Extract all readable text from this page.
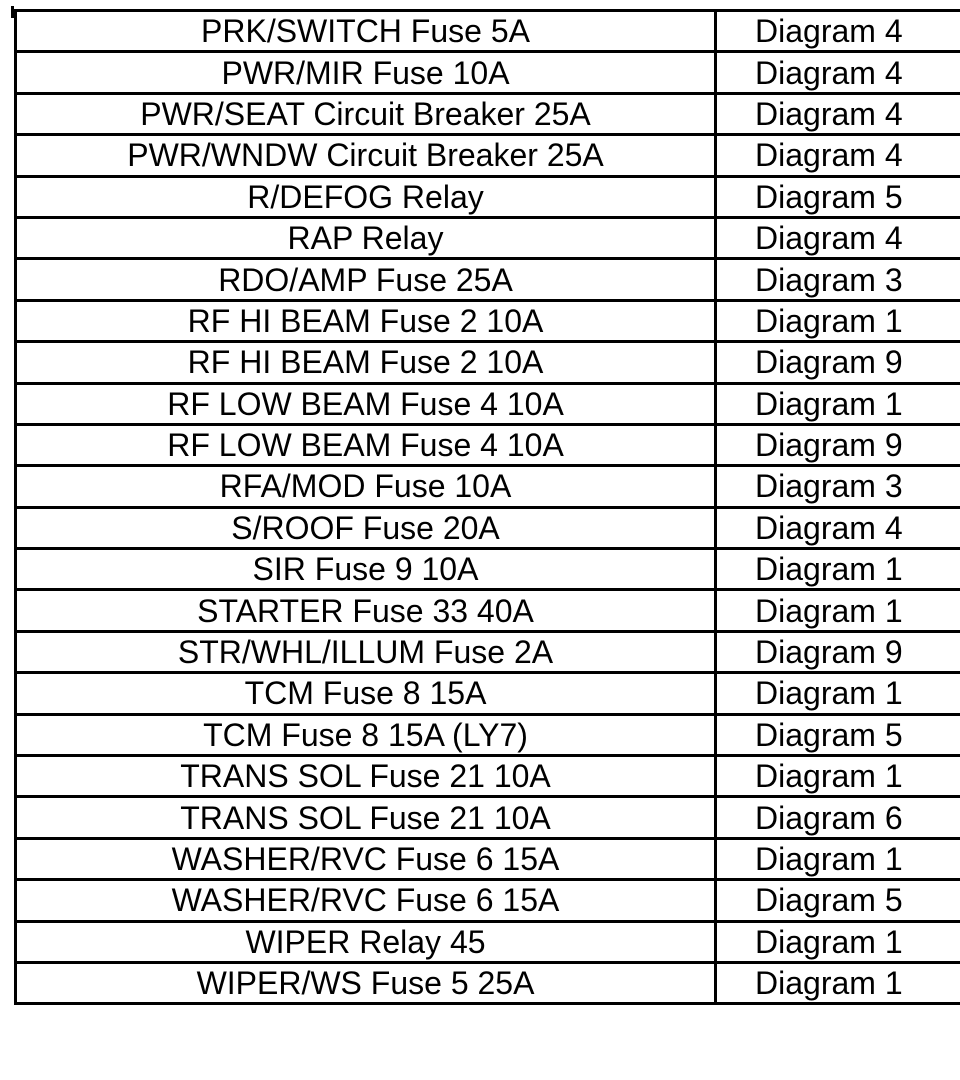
PRK/SWITCH Fuse 5A	Diagram 4
PWR/MIR Fuse 10A	Diagram 4
PWR/SEAT Circuit Breaker 25A	Diagram 4
PWR/WNDW Circuit Breaker 25A	Diagram 4
R/DEFOG Relay	Diagram 5
RAP Relay	Diagram 4
RDO/AMP Fuse 25A	Diagram 3
RF HI BEAM Fuse 2 10A	Diagram 1
RF HI BEAM Fuse 2 10A	Diagram 9
RF LOW BEAM Fuse 4 10A	Diagram 1
RF LOW BEAM Fuse 4 10A	Diagram 9
RFA/MOD Fuse 10A	Diagram 3
S/ROOF Fuse 20A	Diagram 4
SIR Fuse 9 10A	Diagram 1
STARTER Fuse 33 40A	Diagram 1
STR/WHL/ILLUM Fuse 2A	Diagram 9
TCM Fuse 8 15A	Diagram 1
TCM Fuse 8 15A (LY7)	Diagram 5
TRANS SOL Fuse 21 10A	Diagram 1
TRANS SOL Fuse 21 10A	Diagram 6
WASHER/RVC Fuse 6 15A	Diagram 1
WASHER/RVC Fuse 6 15A	Diagram 5
WIPER Relay 45	Diagram 1
WIPER/WS Fuse 5 25A	Diagram 1
